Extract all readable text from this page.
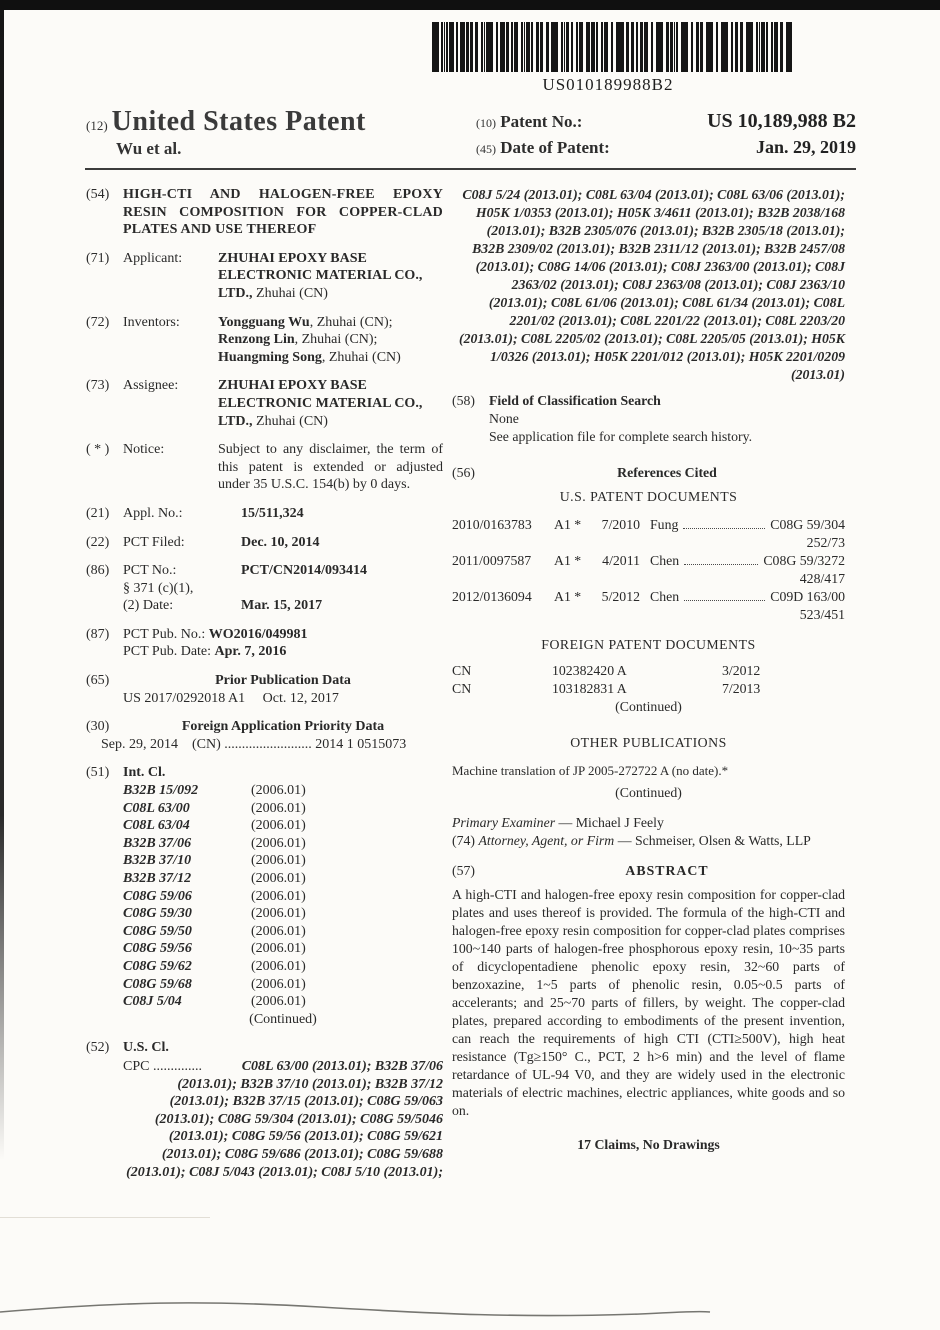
US010189988B2
(12) United States Patent
Wu et al.
(10) Patent No.:	US 10,189,988 B2
(45) Date of Patent:	Jan. 29, 2019
(54) HIGH-CTI AND HALOGEN-FREE EPOXY RESIN COMPOSITION FOR COPPER-CLAD PLATES AND USE THEREOF
(71) Applicant:	ZHUHAI EPOXY BASE ELECTRONIC MATERIAL CO., LTD., Zhuhai (CN)
(72) Inventors:	Yongguang Wu, Zhuhai (CN);
Renzong Lin, Zhuhai (CN);
Huangming Song, Zhuhai (CN)
(73) Assignee:	ZHUHAI EPOXY BASE ELECTRONIC MATERIAL CO., LTD., Zhuhai (CN)
( * ) Notice:	Subject to any disclaimer, the term of this patent is extended or adjusted under 35 U.S.C. 154(b) by 0 days.
(21) Appl. No.:	15/511,324
(22) PCT Filed:	Dec. 10, 2014
(86) PCT No.:	PCT/CN2014/093414
§ 371 (c)(1),
(2) Date:	Mar. 15, 2017
(87) PCT Pub. No.: WO2016/049981
PCT Pub. Date: Apr. 7, 2016
(65)	Prior Publication Data
US 2017/0292018 A1 Oct. 12, 2017
(30)	Foreign Application Priority Data
Sep. 29, 2014 (CN) ......................... 2014 1 0515073
(51) Int. Cl.
B32B 15/092	(2006.01)
C08L 63/00	(2006.01)
C08L 63/04	(2006.01)
B32B 37/06	(2006.01)
B32B 37/10	(2006.01)
B32B 37/12	(2006.01)
C08G 59/06	(2006.01)
C08G 59/30	(2006.01)
C08G 59/50	(2006.01)
C08G 59/56	(2006.01)
C08G 59/62	(2006.01)
C08G 59/68	(2006.01)
C08J 5/04	(2006.01)
(Continued)
(52) U.S. Cl.
CPC ..............	C08L 63/00 (2013.01); B32B 37/06 (2013.01); B32B 37/10 (2013.01); B32B 37/12 (2013.01); B32B 37/15 (2013.01); C08G 59/063 (2013.01); C08G 59/304 (2013.01); C08G 59/5046 (2013.01); C08G 59/56 (2013.01); C08G 59/621 (2013.01); C08G 59/686 (2013.01); C08G 59/688 (2013.01); C08J 5/043 (2013.01); C08J 5/10 (2013.01);
C08J 5/24 (2013.01); C08L 63/04 (2013.01); C08L 63/06 (2013.01); H05K 1/0353 (2013.01); H05K 3/4611 (2013.01); B32B 2038/168 (2013.01); B32B 2305/076 (2013.01); B32B 2305/18 (2013.01); B32B 2309/02 (2013.01); B32B 2311/12 (2013.01); B32B 2457/08 (2013.01); C08G 14/06 (2013.01); C08J 2363/00 (2013.01); C08J 2363/02 (2013.01); C08J 2363/08 (2013.01); C08J 2363/10 (2013.01); C08L 61/06 (2013.01); C08L 61/34 (2013.01); C08L 2201/02 (2013.01); C08L 2201/22 (2013.01); C08L 2203/20 (2013.01); C08L 2205/02 (2013.01); C08L 2205/05 (2013.01); H05K 1/0326 (2013.01); H05K 2201/012 (2013.01); H05K 2201/0209 (2013.01)
(58)	Field of Classification Search
None
See application file for complete search history.
(56)	References Cited
U.S. PATENT DOCUMENTS
2010/0163783	A1 *	7/2010 Fung	C08G 59/304
252/73
2011/0097587	A1 *	4/2011 Chen	C08G 59/3272
428/417
2012/0136094	A1 *	5/2012 Chen	C09D 163/00
523/451
FOREIGN PATENT DOCUMENTS
CN	102382420 A	3/2012
CN	103182831 A	7/2013
(Continued)
OTHER PUBLICATIONS
Machine translation of JP 2005-272722 A (no date).*
(Continued)
Primary Examiner — Michael J Feely
(74) Attorney, Agent, or Firm — Schmeiser, Olsen & Watts, LLP
(57)	ABSTRACT
A high-CTI and halogen-free epoxy resin composition for copper-clad plates and uses thereof is provided. The formula of the high-CTI and halogen-free epoxy resin composition for copper-clad plates comprises 100~140 parts of halogen-free phosphorous epoxy resin, 10~35 parts of dicyclopentadiene phenolic epoxy resin, 32~60 parts of benzoxazine, 1~5 parts of phenolic resin, 0.05~0.5 parts of accelerants; and 25~70 parts of fillers, by weight. The copper-clad plates, prepared according to embodiments of the present invention, can reach the requirements of high CTI (CTI≥500V), high heat resistance (Tg≥150° C., PCT, 2 h>6 min) and the level of flame retardance of UL-94 V0, and they are widely used in the electronic materials of electric machines, electric appliances, white goods and so on.
17 Claims, No Drawings
